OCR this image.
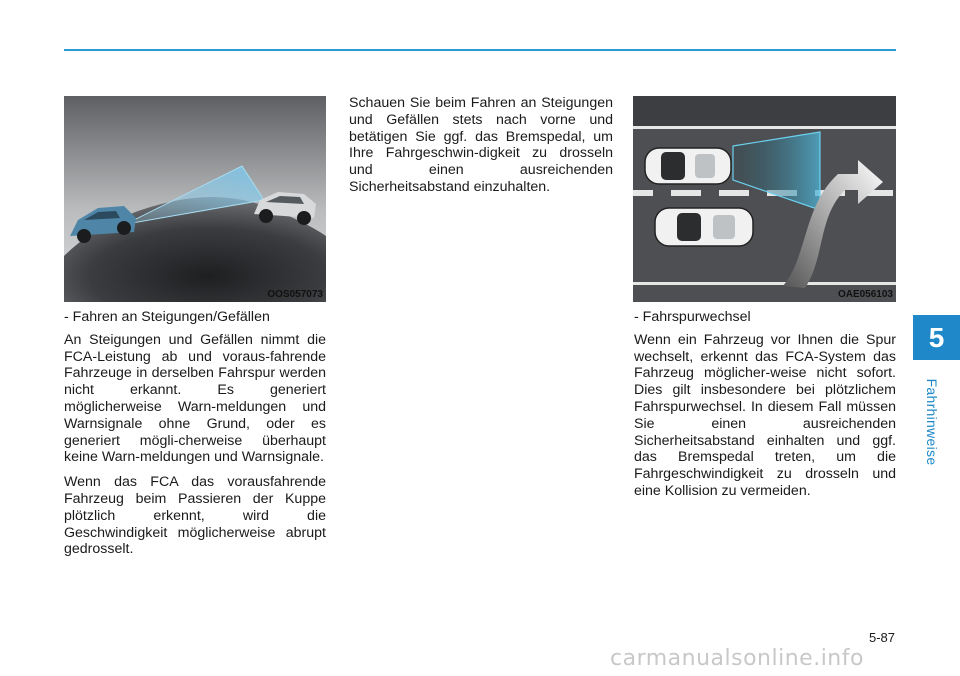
OOS057073	OAE056103

- Fahren an Steigungen/Gefällen

An Steigungen und Gefällen nimmt die FCA-Leistung ab und voraus-fahrende Fahrzeuge in derselben Fahrspur werden nicht erkannt. Es generiert möglicherweise Warn-meldungen und Warnsignale ohne Grund, oder es generiert mögli-cherweise überhaupt keine Warn-meldungen und Warnsignale.

Wenn das FCA das vorausfahrende Fahrzeug beim Passieren der Kuppe plötzlich erkennt, wird die Geschwindigkeit möglicherweise abrupt gedrosselt.

Schauen Sie beim Fahren an Steigungen und Gefällen stets nach vorne und betätigen Sie ggf. das Bremspedal, um Ihre Fahrgeschwin-digkeit zu drosseln und einen ausreichenden Sicherheitsabstand einzuhalten.

- Fahrspurwechsel

Wenn ein Fahrzeug vor Ihnen die Spur wechselt, erkennt das FCA-System das Fahrzeug möglicher-weise nicht sofort. Dies gilt insbesondere bei plötzlichem Fahrspurwechsel. In diesem Fall müssen Sie einen ausreichenden Sicherheitsabstand einhalten und ggf. das Bremspedal treten, um die Fahrgeschwindigkeit zu drosseln und eine Kollision zu vermeiden.

5
Fahrhinweise
5-87
carmanualsonline.info
